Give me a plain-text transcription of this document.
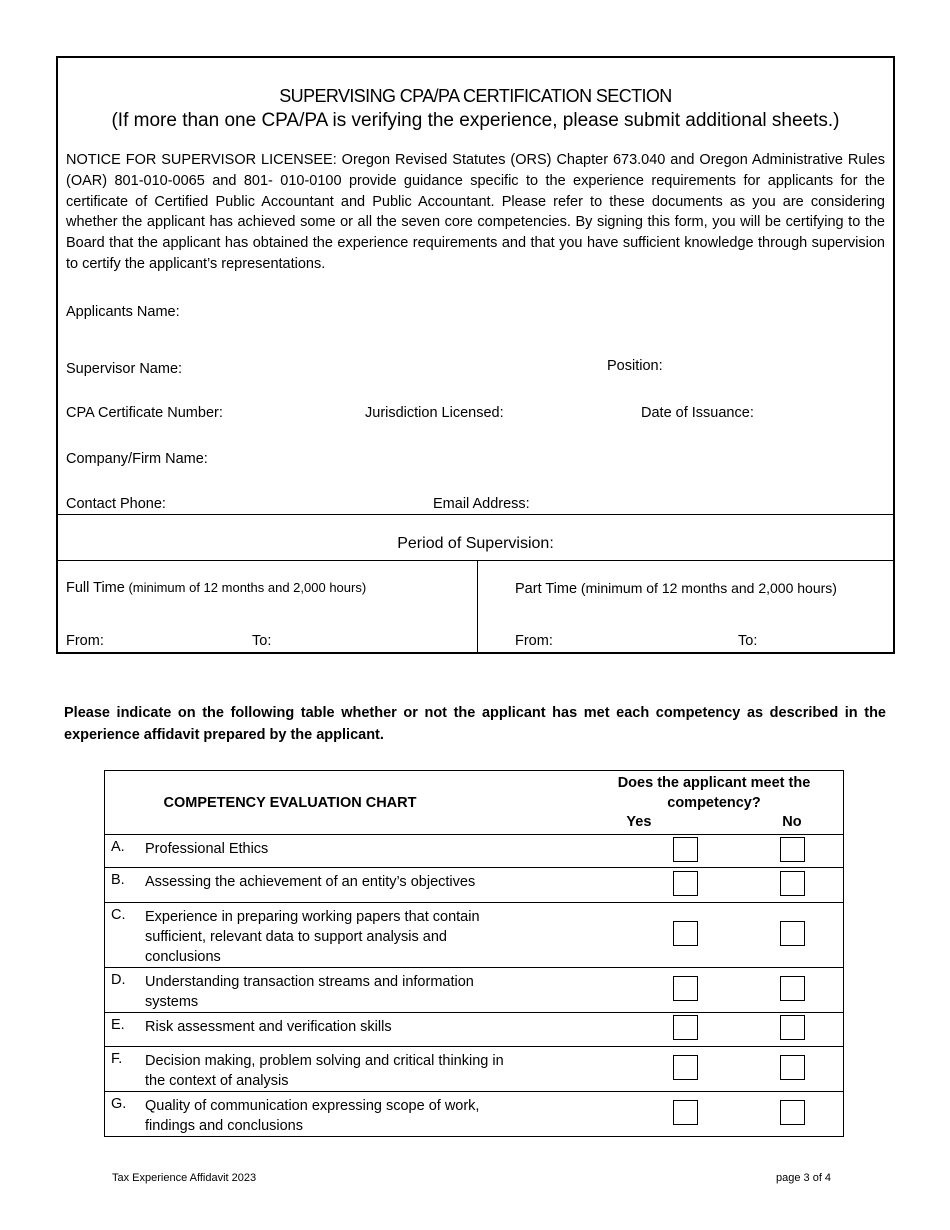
SUPERVISING CPA/PA CERTIFICATION SECTION
(If more than one CPA/PA is verifying the experience, please submit additional sheets.)
NOTICE FOR SUPERVISOR LICENSEE: Oregon Revised Statutes (ORS) Chapter 673.040 and Oregon Administrative Rules (OAR) 801-010-0065 and 801- 010-0100 provide guidance specific to the experience requirements for applicants for the certificate of Certified Public Accountant and Public Accountant. Please refer to these documents as you are considering whether the applicant has achieved some or all the seven core competencies. By signing this form, you will be certifying to the Board that the applicant has obtained the experience requirements and that you have sufficient knowledge through supervision to certify the applicant’s representations.
Applicants Name:
Supervisor Name:	Position:
CPA Certificate Number:	Jurisdiction Licensed:	Date of Issuance:
Company/Firm Name:
Contact Phone:	Email Address:
Period of Supervision:
Full Time (minimum of 12 months and 2,000 hours)	Part Time (minimum of 12 months and 2,000 hours)
From:	To:	From:	To:
Please indicate on the following table whether or not the applicant has met each competency as described in the experience affidavit prepared by the applicant.
COMPETENCY EVALUATION CHART		Does the applicant meet the competency?
Yes No	

A.	Professional Ethics		
B.	Assessing the achievement of an entity’s objectives		
C.	Experience in preparing working papers that contain sufficient, relevant data to support analysis and conclusions		
D.	Understanding transaction streams and information systems		
E.	Risk assessment and verification skills		
F.	Decision making, problem solving and critical thinking in the context of analysis		
G.	Quality of communication expressing scope of work, findings and conclusions		
Tax Experience Affidavit 2023	page 3 of 4
